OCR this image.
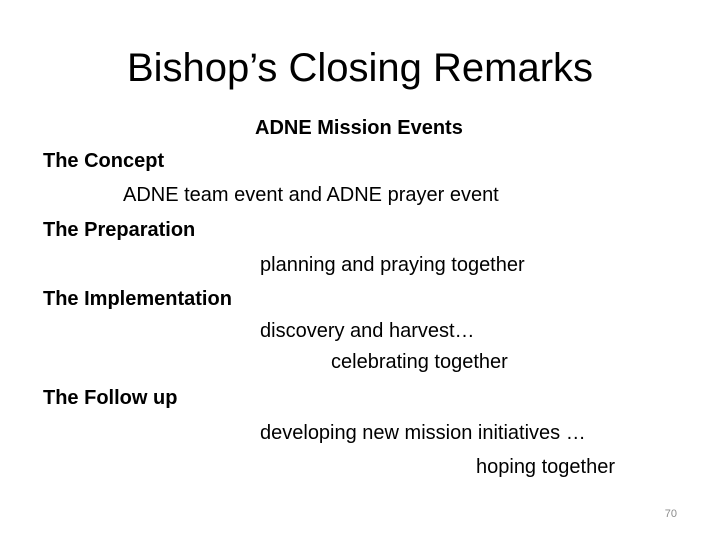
Bishop’s Closing Remarks
ADNE Mission Events
The Concept
ADNE team event and ADNE prayer event
The Preparation
planning and praying together
The Implementation
discovery and harvest…
celebrating together
The Follow up
developing new mission initiatives …
hoping together
70
